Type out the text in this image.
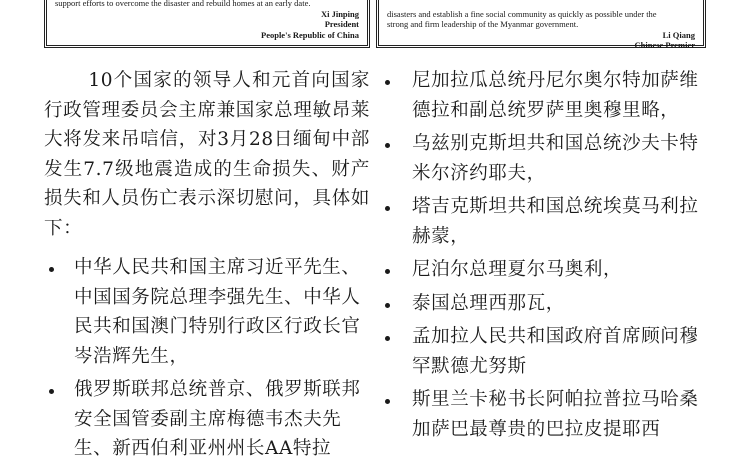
support efforts to overcome the disaster and rebuild homes at an early date.
Xi Jinping
President
People's Republic of China
disasters and establish a fine social community as quickly as possible under the
strong and firm leadership of the Myanmar government.
Li Qiang
Chinese Premier

10个国家的领导人和元首向国家行政管理委员会主席兼国家总理敏昂莱大将发来吊唁信，对3月28日缅甸中部发生7.7级地震造成的生命损失、财产损失和人员伤亡表示深切慰问，具体如下：

中华人民共和国主席习近平先生、中国国务院总理李强先生、中华人民共和国澳门特别行政区行政长官岑浩辉先生，
俄罗斯联邦总统普京、俄罗斯联邦安全国管委副主席梅德韦杰夫先生、新西伯利亚州州长AA特拉
尼加拉瓜总统丹尼尔奥尔特加萨维德拉和副总统罗萨里奥穆里略，
乌兹别克斯坦共和国总统沙夫卡特米尔济约耶夫，
塔吉克斯坦共和国总统埃莫马利拉赫蒙，
尼泊尔总理夏尔马奥利，
泰国总理西那瓦，
孟加拉人民共和国政府首席顾问穆罕默德尤努斯
斯里兰卡秘书长阿帕拉普拉马哈桑加萨巴最尊贵的巴拉皮提耶西
